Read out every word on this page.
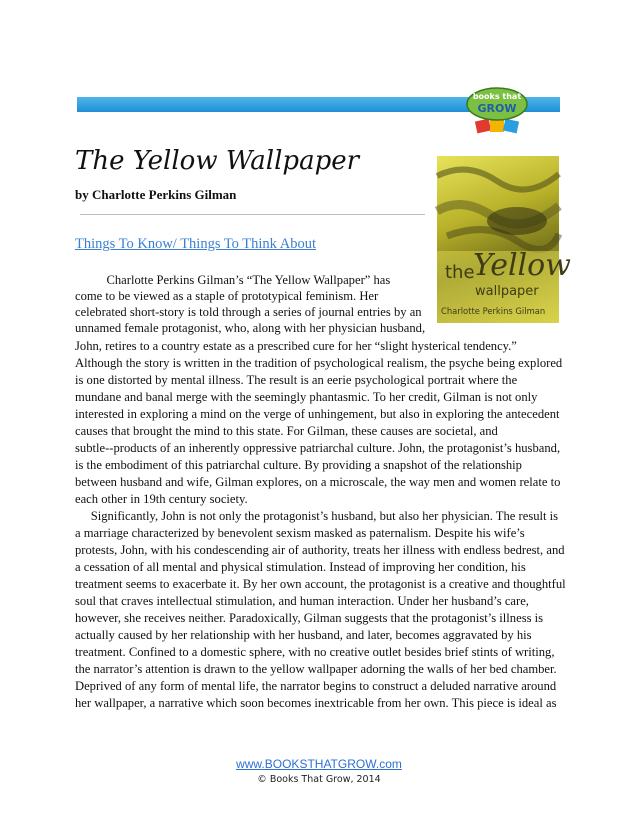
books that
GROW
The Yellow Wallpaper
by Charlotte Perkins Gilman
Things To Know/ Things To Think About
the
Yellow
wallpaper
Charlotte Perkins Gilman
Charlotte Perkins Gilman’s “The Yellow Wallpaper” has
come to be viewed as a staple of prototypical feminism. Her
celebrated short-story is told through a series of journal entries by an
unnamed female protagonist, who, along with her physician husband,
John, retires to a country estate as a prescribed cure for her “slight hysterical tendency.”
Although the story is written in the tradition of psychological realism, the psyche being explored
is one distorted by mental illness. The result is an eerie psychological portrait where the
mundane and banal merge with the seemingly phantasmic. To her credit, Gilman is not only
interested in exploring a mind on the verge of unhingement, but also in exploring the antecedent
causes that brought the mind to this state. For Gilman, these causes are societal, and
subtle--products of an inherently oppressive patriarchal culture. John, the protagonist’s husband,
is the embodiment of this patriarchal culture. By providing a snapshot of the relationship
between husband and wife, Gilman explores, on a microscale, the way men and women relate to
each other in 19th century society.
Significantly, John is not only the protagonist’s husband, but also her physician. The result is
a marriage characterized by benevolent sexism masked as paternalism. Despite his wife’s
protests, John, with his condescending air of authority, treats her illness with endless bedrest, and
a cessation of all mental and physical stimulation. Instead of improving her condition, his
treatment seems to exacerbate it. By her own account, the protagonist is a creative and thoughtful
soul that craves intellectual stimulation, and human interaction. Under her husband’s care,
however, she receives neither. Paradoxically, Gilman suggests that the protagonist’s illness is
actually caused by her relationship with her husband, and later, becomes aggravated by his
treatment. Confined to a domestic sphere, with no creative outlet besides brief stints of writing,
the narrator’s attention is drawn to the yellow wallpaper adorning the walls of her bed chamber.
Deprived of any form of mental life, the narrator begins to construct a deluded narrative around
her wallpaper, a narrative which soon becomes inextricable from her own. This piece is ideal as
www.BOOKSTHATGROW.com
© Books That Grow, 2014
